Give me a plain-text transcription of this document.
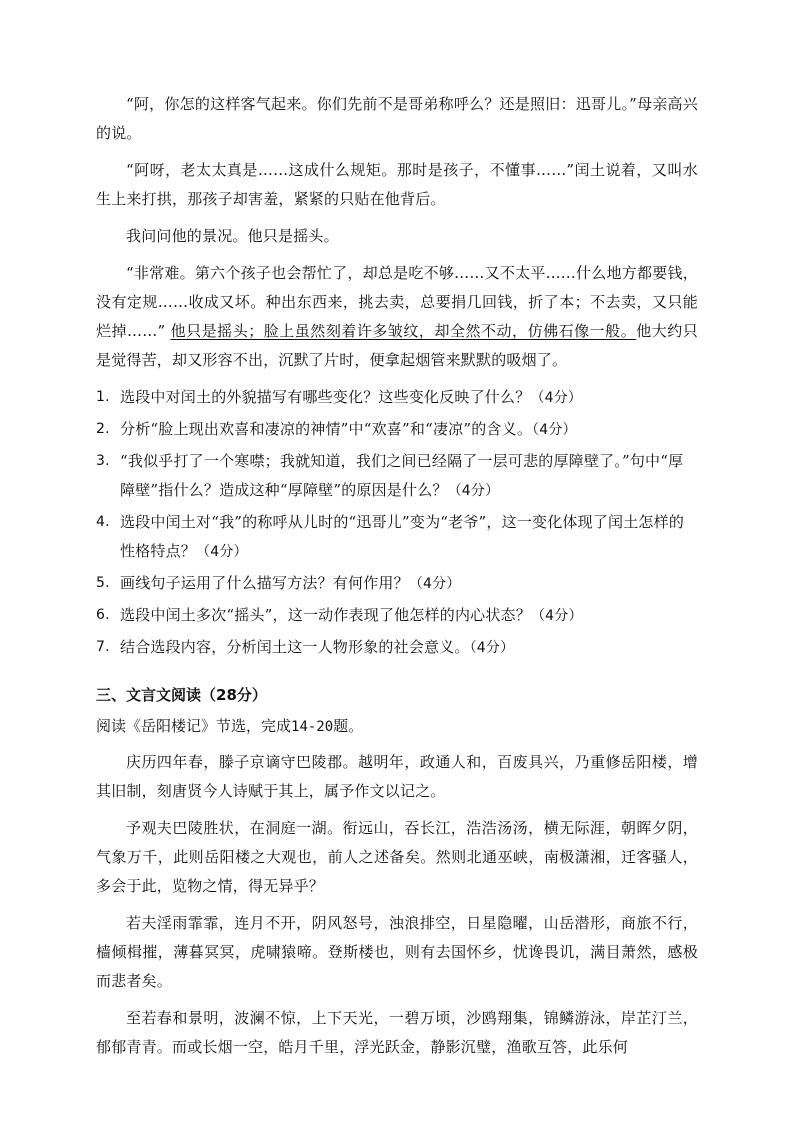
“阿，你怎的这样客气起来。你们先前不是哥弟称呼么？还是照旧：迅哥儿。”母亲高兴的说。

“阿呀，老太太真是……这成什么规矩。那时是孩子，不懂事……”闰土说着，又叫水生上来打拱，那孩子却害羞，紧紧的只贴在他背后。

我问问他的景况。他只是摇头。

“非常难。第六个孩子也会帮忙了，却总是吃不够……又不太平……什么地方都要钱，没有定规……收成又坏。种出东西来，挑去卖，总要捐几回钱，折了本；不去卖，又只能烂掉……” 他只是摇头；脸上虽然刻着许多皱纹，却全然不动，仿佛石像一般。他大约只是觉得苦，却又形容不出，沉默了片时，便拿起烟管来默默的吸烟了。

1. 选段中对闰土的外貌描写有哪些变化？这些变化反映了什么？（4分）
2. 分析“脸上现出欢喜和凄凉的神情”中“欢喜”和“凄凉”的含义。（4分）
3. “我似乎打了一个寒噤；我就知道，我们之间已经隔了一层可悲的厚障壁了。”句中“厚障壁”指什么？造成这种“厚障壁”的原因是什么？（4分）
4. 选段中闰土对“我”的称呼从儿时的“迅哥儿”变为“老爷”，这一变化体现了闰土怎样的性格特点？（4分）
5. 画线句子运用了什么描写方法？有何作用？（4分）
6. 选段中闰土多次“摇头”，这一动作表现了他怎样的内心状态？（4分）
7. 结合选段内容，分析闰土这一人物形象的社会意义。（4分）
三、文言文阅读（28分）
阅读《岳阳楼记》节选，完成14-20题。

庆历四年春，滕子京谪守巴陵郡。越明年，政通人和，百废具兴，乃重修岳阳楼，增其旧制，刻唐贤今人诗赋于其上，属予作文以记之。

予观夫巴陵胜状，在洞庭一湖。衔远山，吞长江，浩浩汤汤，横无际涯，朝晖夕阴，气象万千，此则岳阳楼之大观也，前人之述备矣。然则北通巫峡，南极潇湘，迁客骚人，多会于此，览物之情，得无异乎？

若夫淫雨霏霏，连月不开，阴风怒号，浊浪排空，日星隐曜，山岳潜形，商旅不行，樯倾楫摧，薄暮冥冥，虎啸猿啼。登斯楼也，则有去国怀乡，忧谗畏讥，满目萧然，感极而悲者矣。

至若春和景明，波澜不惊，上下天光，一碧万顷，沙鸥翔集，锦鳞游泳，岸芷汀兰，郁郁青青。而或长烟一空，皓月千里，浮光跃金，静影沉璧，渔歌互答，此乐何
